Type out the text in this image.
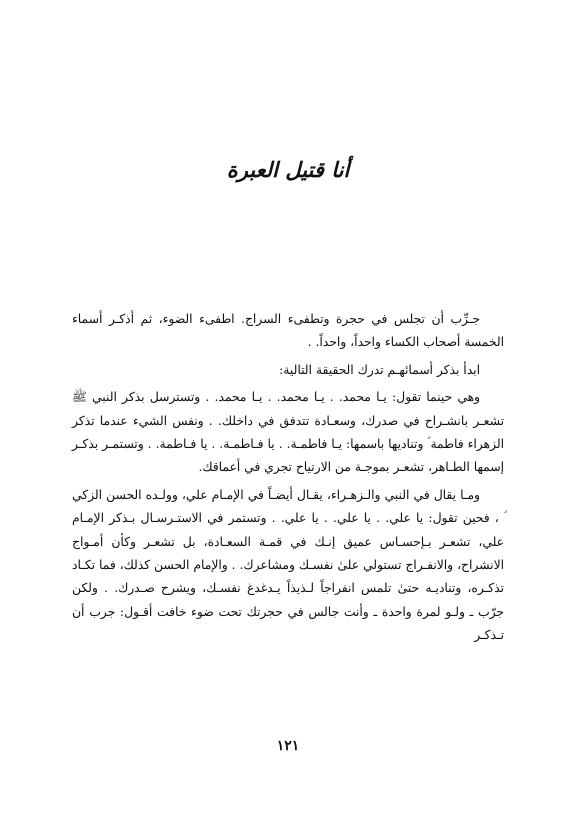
أنا قتيل العبرة

جـرِّب أن تجلس في حجرة وتطفىء السراج. اطفىء الضوء، ثم أذكـر أسماء الخمسة أصحاب الكساء واحداً، واحداً. .

ابدأ بذكر أسمائهـم تدرك الحقيقة التالية:

وهي حينما تقول: يـا محمد. . يـا محمد. . يـا محمد. . وتسترسل بذكر النبي ﷺ تشعـر بانشـراح في صدرك، وسعـادة تتدفق في داخلك. . ونفس الشيء عندما تذكر الزهراء فاطمة ؑ وتناديها باسمها: يـا فاطمـة. . يا فـاطمـة. . يا فـاطمة. . وتستمـر بذكـر إسمها الطـاهر، تشعـر بموجـة من الارتياح تجري في أعماقك.

ومـا يقال في النبي والـزهـراء، يقـال أيضـاً في الإمـام علي، وولـده الحسن الزكي ؑ ، فحين تقول: يا علي. . يا علي. . يا علي. . وتستمر في الاستـرسـال بـذكر الإمـام علي، تشعـر بـإحسـاس عميق إنـك في قمـة السعـادة، بل تشعـر وكأن أمـواج الانشراح، والانفـراج تستولي علىٰ نفسـك ومشاعرك. . والإمام الحسن كذلك، فما تكـاد تذكـره، وتناديـه حتىٰ تلمس انفراجاً لـذيذاً يـدغدغ نفسـك، ويشرح صـدرك. . ولكن جرّب ـ ولـو لمرة واحدة ـ وأنت جالس في حجرتك تحت ضوء خافت أقـول: جرب أن تـذكـر

١٢١
